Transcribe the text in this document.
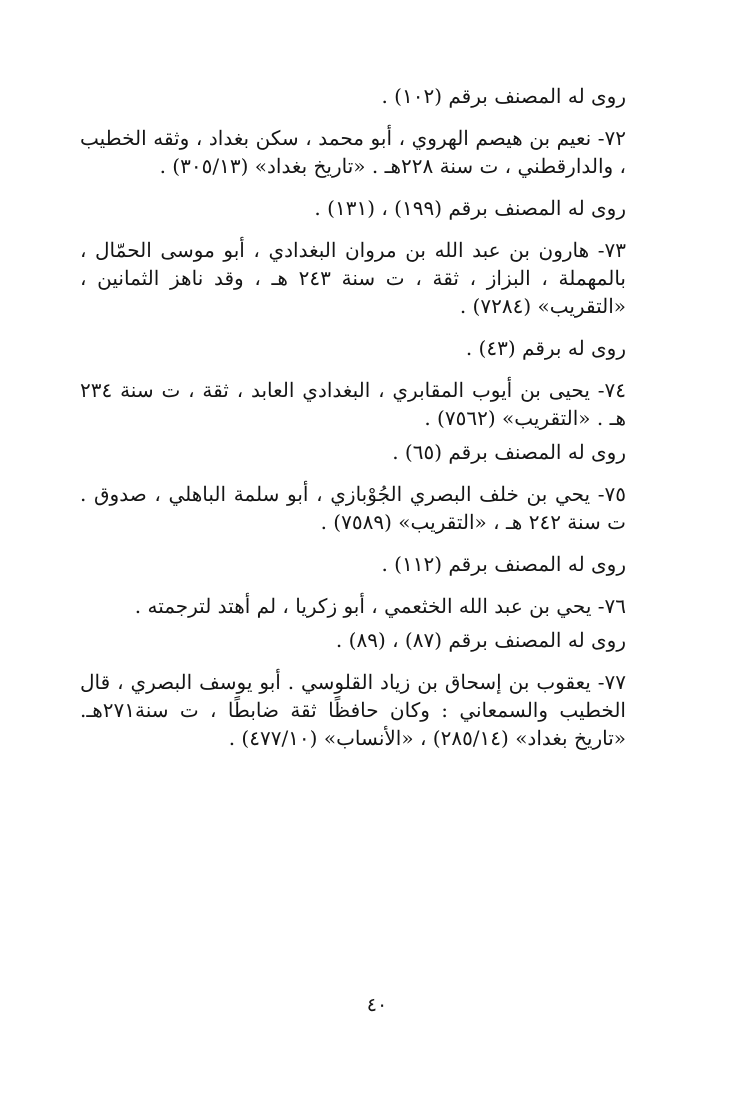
روى له المصنف برقم (١٠٢) .

٧٢- نعيم بن هيصم الهروي ، أبو محمد ، سكن بغداد ، وثقه الخطيب ، والدارقطني ، ت سنة ٢٢٨هـ . «تاريخ بغداد» (٣٠٥/١٣) .

روى له المصنف برقم (١٩٩) ، (١٣١) .

٧٣- هارون بن عبد الله بن مروان البغدادي ، أبو موسى الحمّال ، بالمهملة ، البزاز ، ثقة ، ت سنة ٢٤٣ هـ ، وقد ناهز الثمانين ، «التقريب» (٧٢٨٤) .

روى له برقم (٤٣) .

٧٤- يحيى بن أيوب المقابري ، البغدادي العابد ، ثقة ، ت سنة ٢٣٤ هـ . «التقريب» (٧٥٦٢) .

روى له المصنف برقم (٦٥) .

٧٥- يحي بن خلف البصري الجُوْبازي ، أبو سلمة الباهلي ، صدوق . ت سنة ٢٤٢ هـ ، «التقريب» (٧٥٨٩) .

روى له المصنف برقم (١١٢) .

٧٦- يحي بن عبد الله الخثعمي ، أبو زكريا ، لم أهتد لترجمته .

روى له المصنف برقم (٨٧) ، (٨٩) .

٧٧- يعقوب بن إسحاق بن زياد القلوسي . أبو يوسف البصري ، قال الخطيب والسمعاني : وكان حافظًا ثقة ضابطًا ، ت سنة٢٧١هـ. «تاريخ بغداد» (٢٨٥/١٤) ، «الأنساب» (٤٧٧/١٠) .

٤٠
